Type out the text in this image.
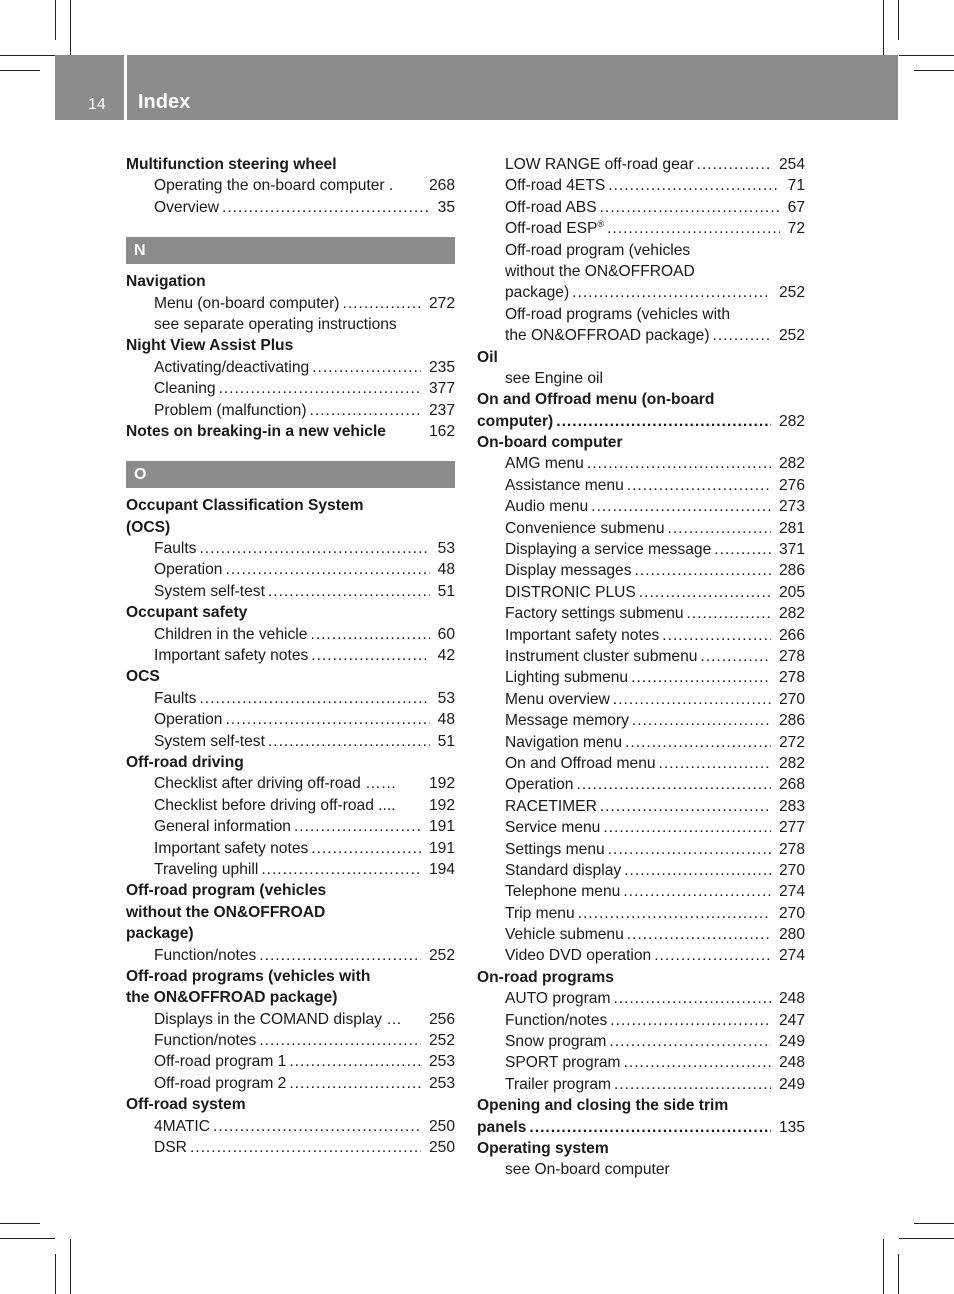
14 Index
Multifunction steering wheel
Operating the on-board computer .	268
Overview .....	35
N
Navigation
Menu (on-board computer) .....	272
see separate operating instructions
Night View Assist Plus
Activating/deactivating .....	235
Cleaning .....	377
Problem (malfunction) .....	237
Notes on breaking-in a new vehicle	162
O
Occupant Classification System
(OCS)
Faults .....	53
Operation .....	48
System self-test .....	51
Occupant safety
Children in the vehicle .....	60
Important safety notes .....	42
OCS
Faults .....	53
Operation .....	48
System self-test .....	51
Off-road driving
Checklist after driving off-road ……	192
Checklist before driving off-road ....	192
General information .....	191
Important safety notes .....	191
Traveling uphill .....	194
Off-road program (vehicles
without the ON&OFFROAD
package)
Function/notes .....	252
Off-road programs (vehicles with
the ON&OFFROAD package)
Displays in the COMAND display …	256
Function/notes .....	252
Off-road program 1 .....	253
Off-road program 2 .....	253
Off-road system
4MATIC .....	250
DSR .....	250
LOW RANGE off-road gear .....	254
Off-road 4ETS .....	71
Off-road ABS .....	67
Off-road ESP® .....	72
Off-road program (vehicles
without the ON&OFFROAD
package) .....	252
Off-road programs (vehicles with
the ON&OFFROAD package) .....	252
Oil
see Engine oil
On and Offroad menu (on-board
computer) .....	282
On-board computer
AMG menu .....	282
Assistance menu .....	276
Audio menu .....	273
Convenience submenu .....	281
Displaying a service message .....	371
Display messages .....	286
DISTRONIC PLUS .....	205
Factory settings submenu .....	282
Important safety notes .....	266
Instrument cluster submenu .....	278
Lighting submenu .....	278
Menu overview .....	270
Message memory .....	286
Navigation menu .....	272
On and Offroad menu .....	282
Operation .....	268
RACETIMER .....	283
Service menu .....	277
Settings menu .....	278
Standard display .....	270
Telephone menu .....	274
Trip menu .....	270
Vehicle submenu .....	280
Video DVD operation .....	274
On-road programs
AUTO program .....	248
Function/notes .....	247
Snow program .....	249
SPORT program .....	248
Trailer program .....	249
Opening and closing the side trim
panels .....	135
Operating system
see On-board computer
